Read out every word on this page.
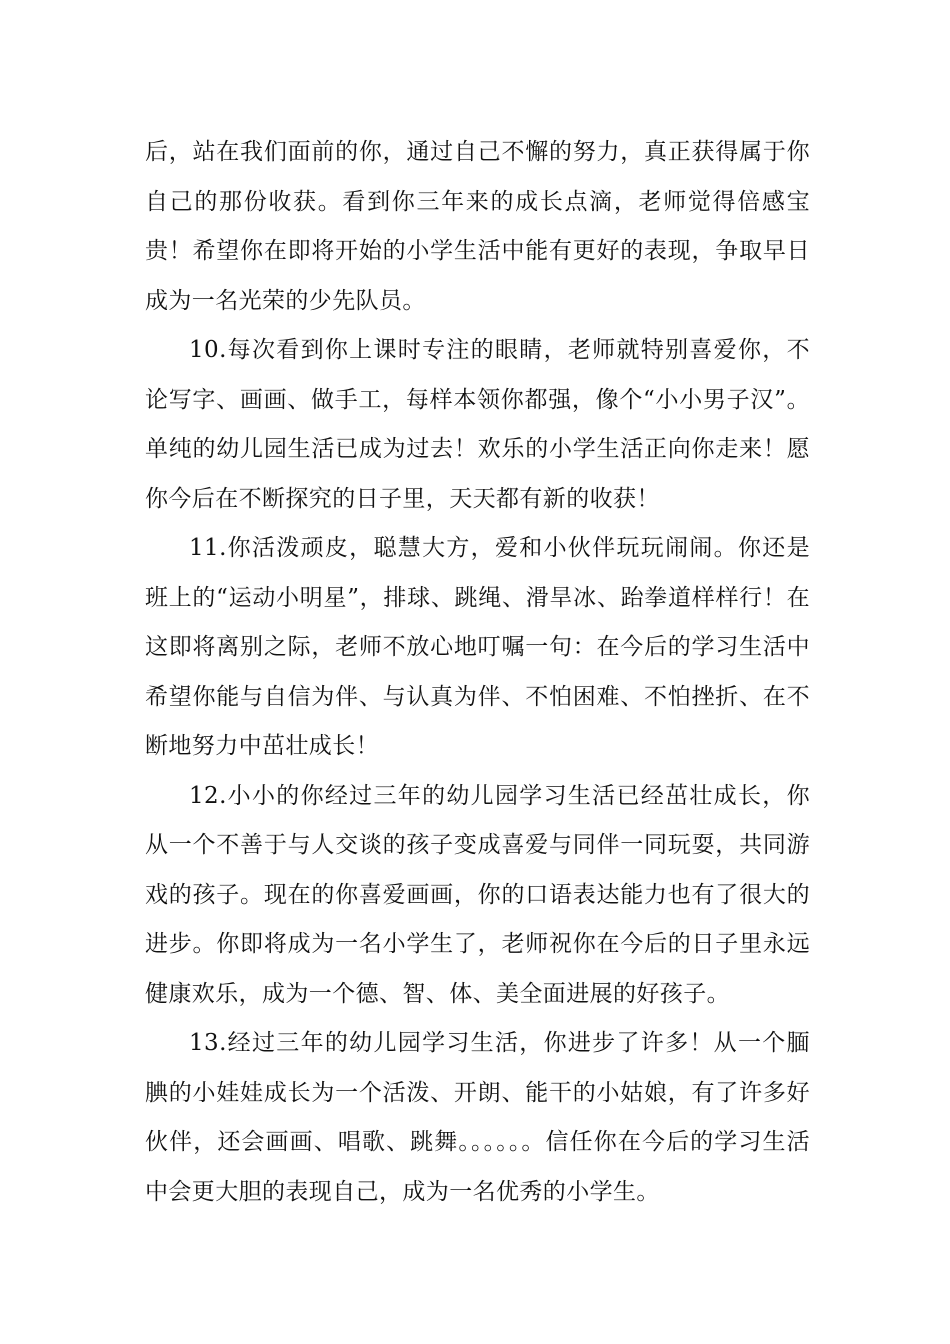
后，站在我们面前的你，通过自己不懈的努力，真正获得属于你自己的那份收获。看到你三年来的成长点滴，老师觉得倍感宝贵！希望你在即将开始的小学生活中能有更好的表现，争取早日成为一名光荣的少先队员。

10.每次看到你上课时专注的眼睛，老师就特别喜爱你，不论写字、画画、做手工，每样本领你都强，像个“小小男子汉”。单纯的幼儿园生活已成为过去！欢乐的小学生活正向你走来！愿你今后在不断探究的日子里，天天都有新的收获！

11.你活泼顽皮，聪慧大方，爱和小伙伴玩玩闹闹。你还是班上的“运动小明星”，排球、跳绳、滑旱冰、跆拳道样样行！在这即将离别之际，老师不放心地叮嘱一句：在今后的学习生活中希望你能与自信为伴、与认真为伴、不怕困难、不怕挫折、在不断地努力中茁壮成长！

12.小小的你经过三年的幼儿园学习生活已经茁壮成长，你从一个不善于与人交谈的孩子变成喜爱与同伴一同玩耍，共同游戏的孩子。现在的你喜爱画画，你的口语表达能力也有了很大的进步。你即将成为一名小学生了，老师祝你在今后的日子里永远健康欢乐，成为一个德、智、体、美全面进展的好孩子。

13.经过三年的幼儿园学习生活，你进步了许多！从一个腼腆的小娃娃成长为一个活泼、开朗、能干的小姑娘，有了许多好伙伴，还会画画、唱歌、跳舞。。。。。。信任你在今后的学习生活中会更大胆的表现自己，成为一名优秀的小学生。
